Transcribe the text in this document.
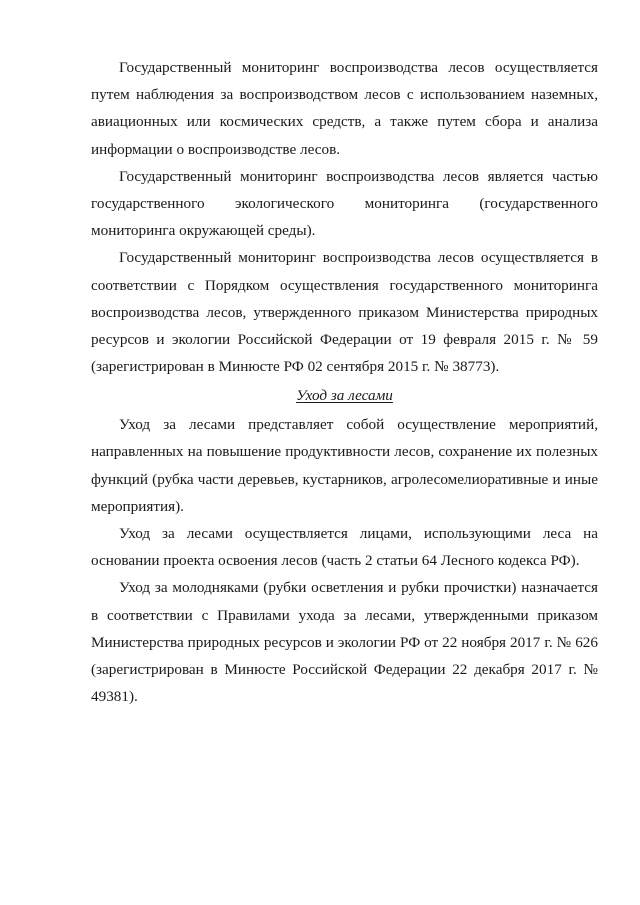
Государственный мониторинг воспроизводства лесов осуществляется путем наблюдения за воспроизводством лесов с использованием наземных, авиационных или космических средств, а также путем сбора и анализа информации о воспроизводстве лесов.

Государственный мониторинг воспроизводства лесов является частью государственного экологического мониторинга (государственного мониторинга окружающей среды).

Государственный мониторинг воспроизводства лесов осуществляется в соответствии с Порядком осуществления государственного мониторинга воспроизводства лесов, утвержденного приказом Министерства природных ресурсов и экологии Российской Федерации от 19 февраля 2015 г. № 59 (зарегистрирован в Минюсте РФ 02 сентября 2015 г. № 38773).

Уход за лесами

Уход за лесами представляет собой осуществление мероприятий, направленных на повышение продуктивности лесов, сохранение их полезных функций (рубка части деревьев, кустарников, агролесомелиоративные и иные мероприятия).

Уход за лесами осуществляется лицами, использующими леса на основании проекта освоения лесов (часть 2 статьи 64 Лесного кодекса РФ).

Уход за молодняками (рубки осветления и рубки прочистки) назначается в соответствии с Правилами ухода за лесами, утвержденными приказом Министерства природных ресурсов и экологии РФ от 22 ноября 2017 г. № 626 (зарегистрирован в Минюсте Российской Федерации 22 декабря 2017 г. № 49381).
